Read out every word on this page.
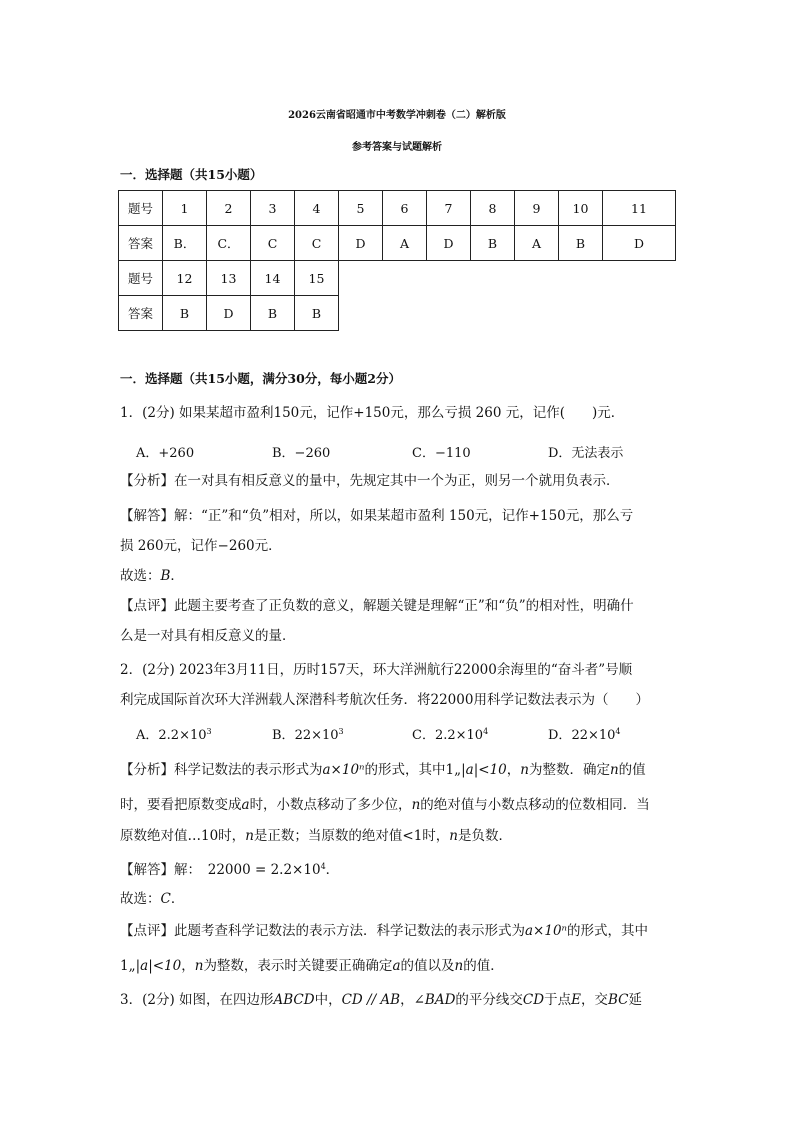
2026云南省昭通市中考数学冲刺卷（二）解析版
参考答案与试题解析
一．选择题（共15小题）
题号	1	2	3	4	5	6	7	8	9	10	11
答案	B．	C．	C	C	D	A	D	B	A	B	D
题号	12	13	14	15
答案	B	D	B	B
一．选择题（共15小题，满分30分，每小题2分）
1．(2分) 如果某超市盈利150元，记作+150元，那么亏损 260 元，记作(　　)元．
A．+260	B．−260	C．−110	D．无法表示
【分析】在一对具有相反意义的量中，先规定其中一个为正，则另一个就用负表示．
【解答】解：“正”和“负”相对，所以，如果某超市盈利 150元，记作+150元，那么亏
损 260元，记作−260元．
故选：B．
【点评】此题主要考查了正负数的意义，解题关键是理解“正”和“负”的相对性，明确什
么是一对具有相反意义的量．
2．(2分) 2023年3月11日，历时157天，环大洋洲航行22000余海里的“奋斗者”号顺
利完成国际首次环大洋洲载人深潜科考航次任务．将22000用科学记数法表示为（　　）
A．$2.2\times 10^3$	B．$22\times 10^3$	C．$2.2\times 10^4$	D．$22\times 10^4$
【分析】科学记数法的表示形式为a×10ⁿ的形式，其中1„|a|<10，n为整数．确定n的值
时，要看把原数变成a时，小数点移动了多少位，n的绝对值与小数点移动的位数相同．当
原数绝对值…10时，n是正数；当原数的绝对值<1时，n是负数．
【解答】解：　$22000 = 2.2\times 10^4$．
故选：C．
【点评】此题考查科学记数法的表示方法．科学记数法的表示形式为a×10ⁿ的形式，其中
1„|a|<10，n为整数，表示时关键要正确确定a的值以及n的值．
3．(2分) 如图，在四边形ABCD中，CD // AB，∠BAD的平分线交CD于点E，交BC延
